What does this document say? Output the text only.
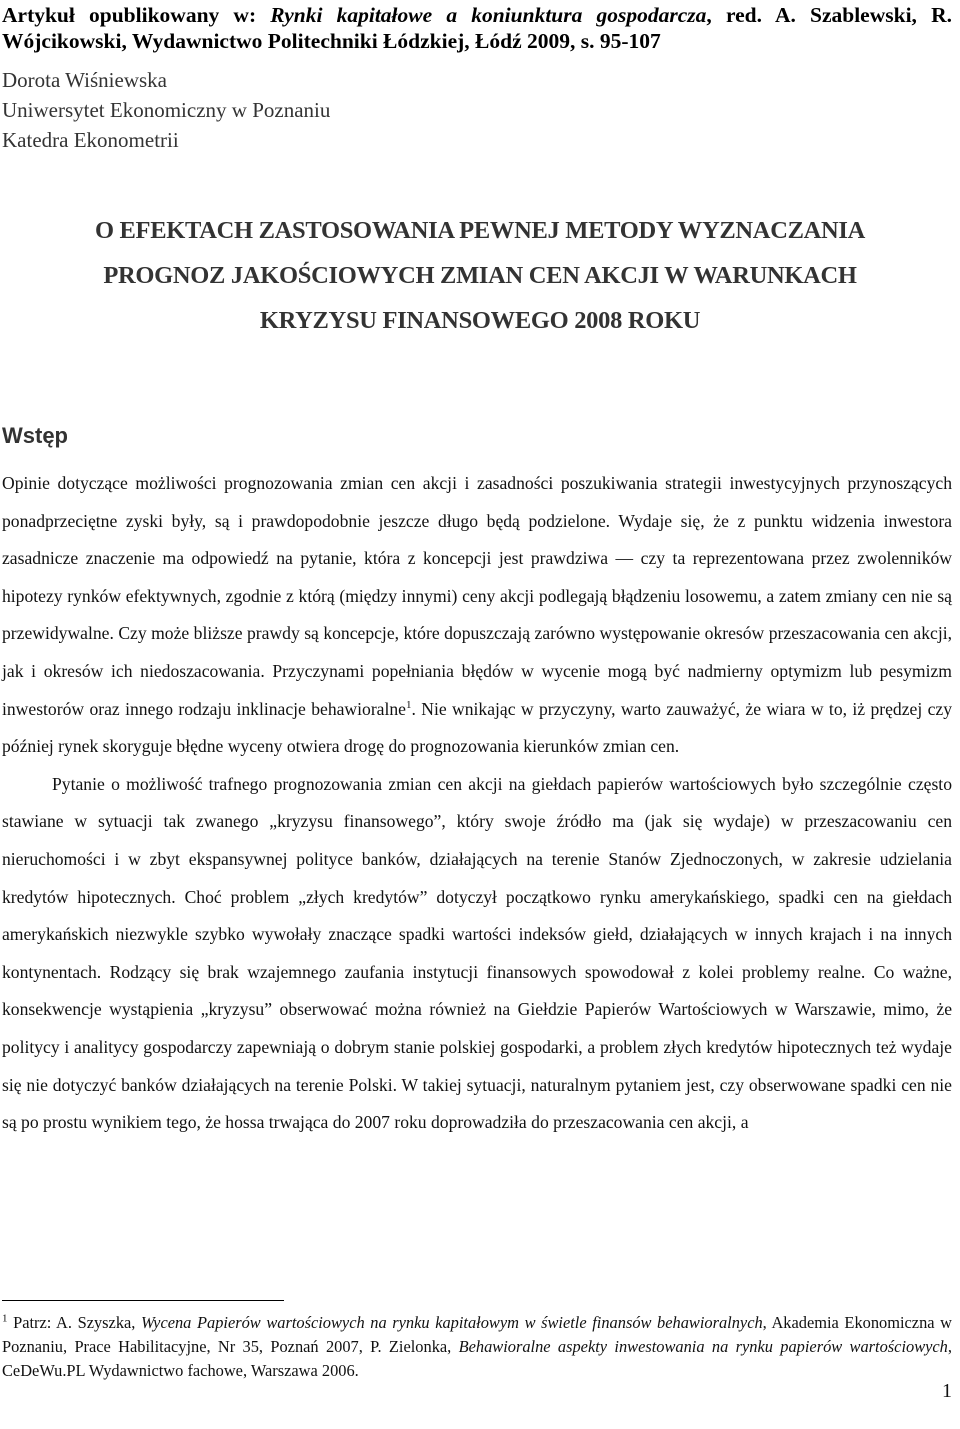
Artykuł opublikowany w: Rynki kapitałowe a koniunktura gospodarcza, red. A. Szablewski, R. Wójcikowski, Wydawnictwo Politechniki Łódzkiej, Łódź 2009, s. 95-107
Dorota Wiśniewska
Uniwersytet Ekonomiczny w Poznaniu
Katedra Ekonometrii
O EFEKTACH ZASTOSOWANIA PEWNEJ METODY WYZNACZANIA
PROGNOZ JAKOŚCIOWYCH ZMIAN CEN AKCJI W WARUNKACH
KRYZYSU FINANSOWEGO 2008 ROKU
Wstęp

Opinie dotyczące możliwości prognozowania zmian cen akcji i zasadności poszukiwania strategii inwestycyjnych przynoszących ponadprzeciętne zyski były, są i prawdopodobnie jeszcze długo będą podzielone. Wydaje się, że z punktu widzenia inwestora zasadnicze znaczenie ma odpowiedź na pytanie, która z koncepcji jest prawdziwa — czy ta reprezentowana przez zwolenników hipotezy rynków efektywnych, zgodnie z którą (między innymi) ceny akcji podlegają błądzeniu losowemu, a zatem zmiany cen nie są przewidywalne. Czy może bliższe prawdy są koncepcje, które dopuszczają zarówno występowanie okresów przeszacowania cen akcji, jak i okresów ich niedoszacowania. Przyczynami popełniania błędów w wycenie mogą być nadmierny optymizm lub pesymizm inwestorów oraz innego rodzaju inklinacje behawioralne$^1$. Nie wnikając w przyczyny, warto zauważyć, że wiara w to, iż prędzej czy później rynek skoryguje błędne wyceny otwiera drogę do prognozowania kierunków zmian cen.

Pytanie o możliwość trafnego prognozowania zmian cen akcji na giełdach papierów wartościowych było szczególnie często stawiane w sytuacji tak zwanego „kryzysu finansowego”, który swoje źródło ma (jak się wydaje) w przeszacowaniu cen nieruchomości i w zbyt ekspansywnej polityce banków, działających na terenie Stanów Zjednoczonych, w zakresie udzielania kredytów hipotecznych. Choć problem „złych kredytów” dotyczył początkowo rynku amerykańskiego, spadki cen na giełdach amerykańskich niezwykle szybko wywołały znaczące spadki wartości indeksów giełd, działających w innych krajach i na innych kontynentach. Rodzący się brak wzajemnego zaufania instytucji finansowych spowodował z kolei problemy realne. Co ważne, konsekwencje wystąpienia „kryzysu” obserwować można również na Giełdzie Papierów Wartościowych w Warszawie, mimo, że politycy i analitycy gospodarczy zapewniają o dobrym stanie polskiej gospodarki, a problem złych kredytów hipotecznych też wydaje się nie dotyczyć banków działających na terenie Polski. W takiej sytuacji, naturalnym pytaniem jest, czy obserwowane spadki cen nie są po prostu wynikiem tego, że hossa trwająca do 2007 roku doprowadziła do przeszacowania cen akcji, a

$^1$ Patrz: A. Szyszka, Wycena Papierów wartościowych na rynku kapitałowym w świetle finansów behawioralnych, Akademia Ekonomiczna w Poznaniu, Prace Habilitacyjne, Nr 35, Poznań 2007, P. Zielonka, Behawioralne aspekty inwestowania na rynku papierów wartościowych, CeDeWu.PL Wydawnictwo fachowe, Warszawa 2006.
1
